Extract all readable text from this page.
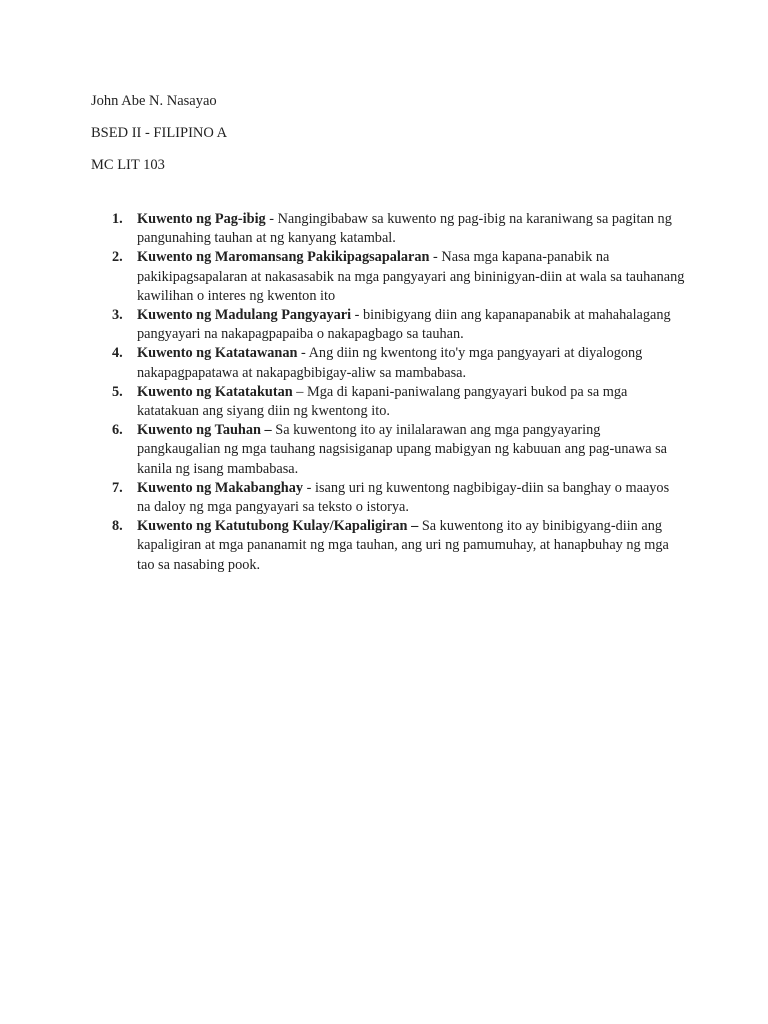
John Abe N. Nasayao

BSED II - FILIPINO A

MC LIT 103

1. Kuwento ng Pag-ibig - Nangingibabaw sa kuwento ng pag-ibig na karaniwang sa pagitan ng pangunahing tauhan at ng kanyang katambal.
2. Kuwento ng Maromansang Pakikipagsapalaran - Nasa mga kapana-panabik na pakikipagsapalaran at nakasasabik na mga pangyayari ang bininigyan-diin at wala sa tauhanang kawilihan o interes ng kwenton ito
3. Kuwento ng Madulang Pangyayari - binibigyang diin ang kapanapanabik at mahahalagang pangyayari na nakapagpapaiba o nakapagbago sa tauhan.
4. Kuwento ng Katatawanan - Ang diin ng kwentong ito'y mga pangyayari at diyalogong nakapagpapatawa at nakapagbibigay-aliw sa mambabasa.
5. Kuwento ng Katatakutan – Mga di kapani-paniwalang pangyayari bukod pa sa mga katatakuan ang siyang diin ng kwentong ito.
6. Kuwento ng Tauhan – Sa kuwentong ito ay inilalarawan ang mga pangyayaring pangkaugalian ng mga tauhang nagsisiganap upang mabigyan ng kabuuan ang pag-unawa sa kanila ng isang mambabasa.
7. Kuwento ng Makabanghay - isang uri ng kuwentong nagbibigay-diin sa banghay o maayos na daloy ng mga pangyayari sa teksto o istorya.
8. Kuwento ng Katutubong Kulay/Kapaligiran – Sa kuwentong ito ay binibigyang-diin ang kapaligiran at mga pananamit ng mga tauhan, ang uri ng pamumuhay, at hanapbuhay ng mga tao sa nasabing pook.
